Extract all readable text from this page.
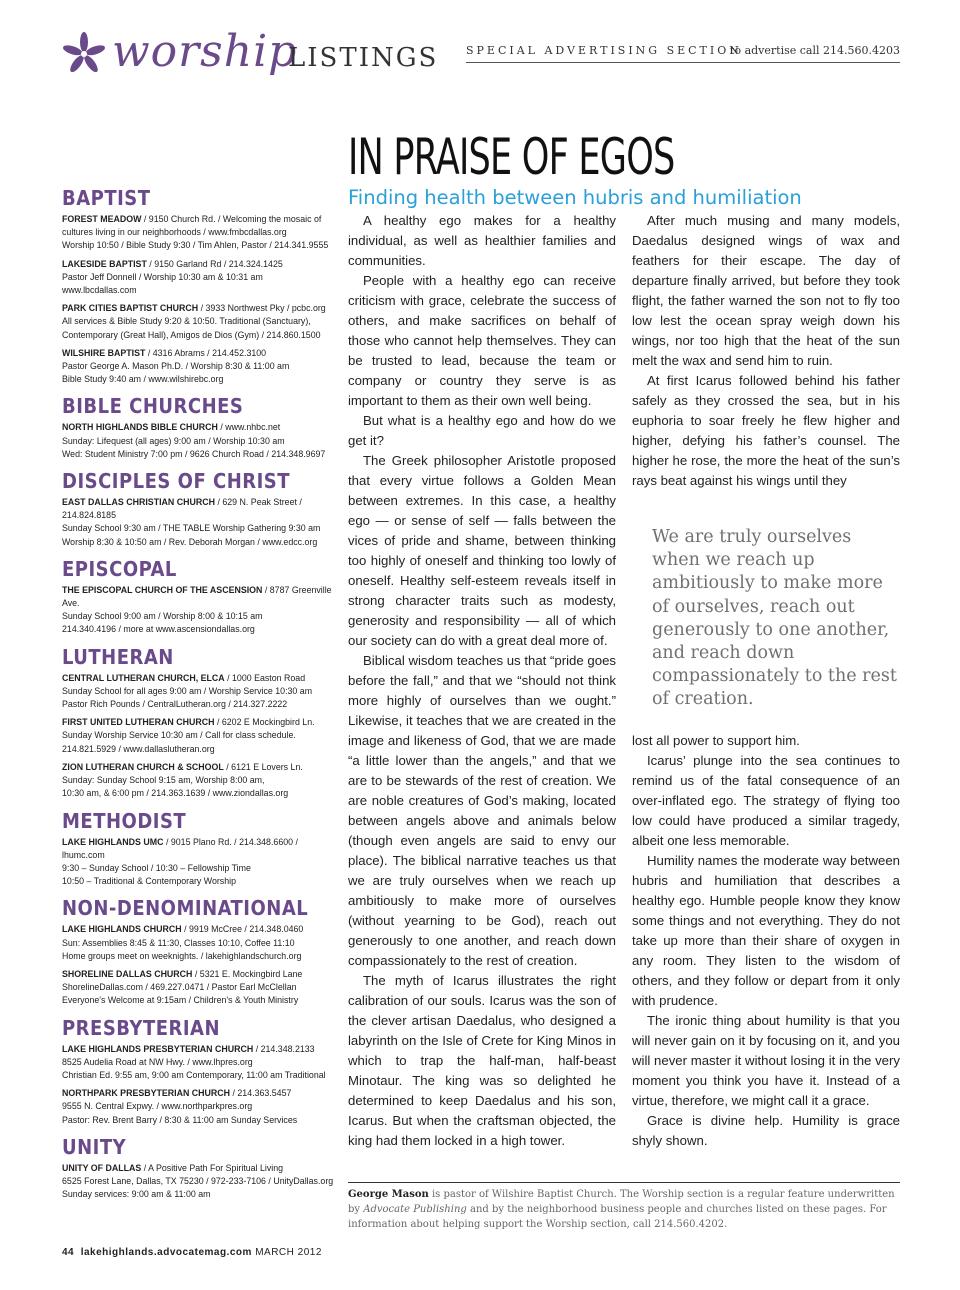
worship
LISTINGS	SPECIAL ADVERTISING SECTION
to advertise call 214.560.4203
BAPTIST
FOREST MEADOW / 9150 Church Rd. / Welcoming the mosaic of cultures living in our neighborhoods / www.fmbcdallas.org
Worship 10:50 / Bible Study 9:30 / Tim Ahlen, Pastor / 214.341.9555
LAKESIDE BAPTIST / 9150 Garland Rd / 214.324.1425
Pastor Jeff Donnell / Worship 10:30 am & 10:31 am
www.lbcdallas.com
PARK CITIES BAPTIST CHURCH / 3933 Northwest Pky / pcbc.org
All services & Bible Study 9:20 & 10:50. Traditional (Sanctuary), Contemporary (Great Hall), Amigos de Dios (Gym) / 214.860.1500
WILSHIRE BAPTIST / 4316 Abrams / 214.452.3100
Pastor George A. Mason Ph.D. / Worship 8:30 & 11:00 am
Bible Study 9:40 am / www.wilshirebc.org
BIBLE CHURCHES
NORTH HIGHLANDS BIBLE CHURCH / www.nhbc.net
Sunday: Lifequest (all ages) 9:00 am / Worship 10:30 am
Wed: Student Ministry 7:00 pm / 9626 Church Road / 214.348.9697
DISCIPLES OF CHRIST
EAST DALLAS CHRISTIAN CHURCH / 629 N. Peak Street / 214.824.8185
Sunday School 9:30 am / THE TABLE Worship Gathering 9:30 am
Worship 8:30 & 10:50 am / Rev. Deborah Morgan / www.edcc.org
EPISCOPAL
THE EPISCOPAL CHURCH OF THE ASCENSION / 8787 Greenville Ave.
Sunday School 9:00 am / Worship 8:00 & 10:15 am
214.340.4196 / more at www.ascensiondallas.org
LUTHERAN
CENTRAL LUTHERAN CHURCH, ELCA / 1000 Easton Road
Sunday School for all ages 9:00 am / Worship Service 10:30 am
Pastor Rich Pounds / CentralLutheran.org / 214.327.2222
FIRST UNITED LUTHERAN CHURCH / 6202 E Mockingbird Ln.
Sunday Worship Service 10:30 am / Call for class schedule.
214.821.5929 / www.dallaslutheran.org
ZION LUTHERAN CHURCH & SCHOOL / 6121 E Lovers Ln.
Sunday: Sunday School 9:15 am, Worship 8:00 am,
10:30 am, & 6:00 pm / 214.363.1639 / www.ziondallas.org
METHODIST
LAKE HIGHLANDS UMC / 9015 Plano Rd. / 214.348.6600 / lhumc.com
9:30 – Sunday School / 10:30 – Fellowship Time
10:50 – Traditional & Contemporary Worship
NON-DENOMINATIONAL
LAKE HIGHLANDS CHURCH / 9919 McCree / 214.348.0460
Sun: Assemblies 8:45 & 11:30, Classes 10:10, Coffee 11:10
Home groups meet on weeknights. / lakehighlandschurch.org
SHORELINE DALLAS CHURCH / 5321 E. Mockingbird Lane
ShorelineDallas.com / 469.227.0471 / Pastor Earl McClellan
Everyone's Welcome at 9:15am / Children's & Youth Ministry
PRESBYTERIAN
LAKE HIGHLANDS PRESBYTERIAN CHURCH / 214.348.2133
8525 Audelia Road at NW Hwy. / www.lhpres.org
Christian Ed. 9:55 am, 9:00 am Contemporary, 11:00 am Traditional
NORTHPARK PRESBYTERIAN CHURCH / 214.363.5457
9555 N. Central Expwy. / www.northparkpres.org
Pastor: Rev. Brent Barry / 8:30 & 11:00 am Sunday Services
UNITY
UNITY OF DALLAS / A Positive Path For Spiritual Living
6525 Forest Lane, Dallas, TX 75230 / 972-233-7106 / UnityDallas.org
Sunday services: 9:00 am & 11:00 am
IN PRAISE OF EGOS
Finding health between hubris and humiliation

A healthy ego makes for a healthy individual, as well as healthier families and communities.

People with a healthy ego can receive criticism with grace, celebrate the success of others, and make sacrifices on behalf of those who cannot help themselves. They can be trusted to lead, because the team or company or country they serve is as important to them as their own well being.

But what is a healthy ego and how do we get it?

The Greek philosopher Aristotle proposed that every virtue follows a Golden Mean between extremes. In this case, a healthy ego — or sense of self — falls between the vices of pride and shame, between thinking too highly of oneself and thinking too lowly of oneself. Healthy self-esteem reveals itself in strong character traits such as modesty, generosity and responsibility — all of which our society can do with a great deal more of.

Biblical wisdom teaches us that “pride goes before the fall,” and that we “should not think more highly of ourselves than we ought.” Likewise, it teaches that we are created in the image and likeness of God, that we are made “a little lower than the angels,” and that we are to be stewards of the rest of creation. We are noble creatures of God’s making, located between angels above and animals below (though even angels are said to envy our place). The biblical narrative teaches us that we are truly ourselves when we reach up ambitiously to make more of ourselves (without yearning to be God), reach out generously to one another, and reach down compassionately to the rest of creation.

The myth of Icarus illustrates the right calibration of our souls. Icarus was the son of the clever artisan Daedalus, who designed a labyrinth on the Isle of Crete for King Minos in which to trap the half-man, half-beast Minotaur. The king was so delighted he determined to keep Daedalus and his son, Icarus. But when the craftsman objected, the king had them locked in a high tower.

After much musing and many models, Daedalus designed wings of wax and feathers for their escape. The day of departure finally arrived, but before they took flight, the father warned the son not to fly too low lest the ocean spray weigh down his wings, nor too high that the heat of the sun melt the wax and send him to ruin.

At first Icarus followed behind his father safely as they crossed the sea, but in his euphoria to soar freely he flew higher and higher, defying his father’s counsel. The higher he rose, the more the heat of the sun’s rays beat against his wings until they

We are truly ourselves when we reach up ambitiously to make more of ourselves, reach out generously to one another, and reach down compassionately to the rest of creation.

lost all power to support him.

Icarus’ plunge into the sea continues to remind us of the fatal consequence of an over-inflated ego. The strategy of flying too low could have produced a similar tragedy, albeit one less memorable.

Humility names the moderate way between hubris and humiliation that describes a healthy ego. Humble people know they know some things and not everything. They do not take up more than their share of oxygen in any room. They listen to the wisdom of others, and they follow or depart from it only with prudence.

The ironic thing about humility is that you will never gain on it by focusing on it, and you will never master it without losing it in the very moment you think you have it. Instead of a virtue, therefore, we might call it a grace.

Grace is divine help. Humility is grace shyly shown.

George Mason is pastor of Wilshire Baptist Church. The Worship section is a regular feature underwritten by Advocate Publishing and by the neighborhood business people and churches listed on these pages. For information about helping support the Worship section, call 214.560.4202.
44 lakehighlands.advocatemag.com MARCH 2012
